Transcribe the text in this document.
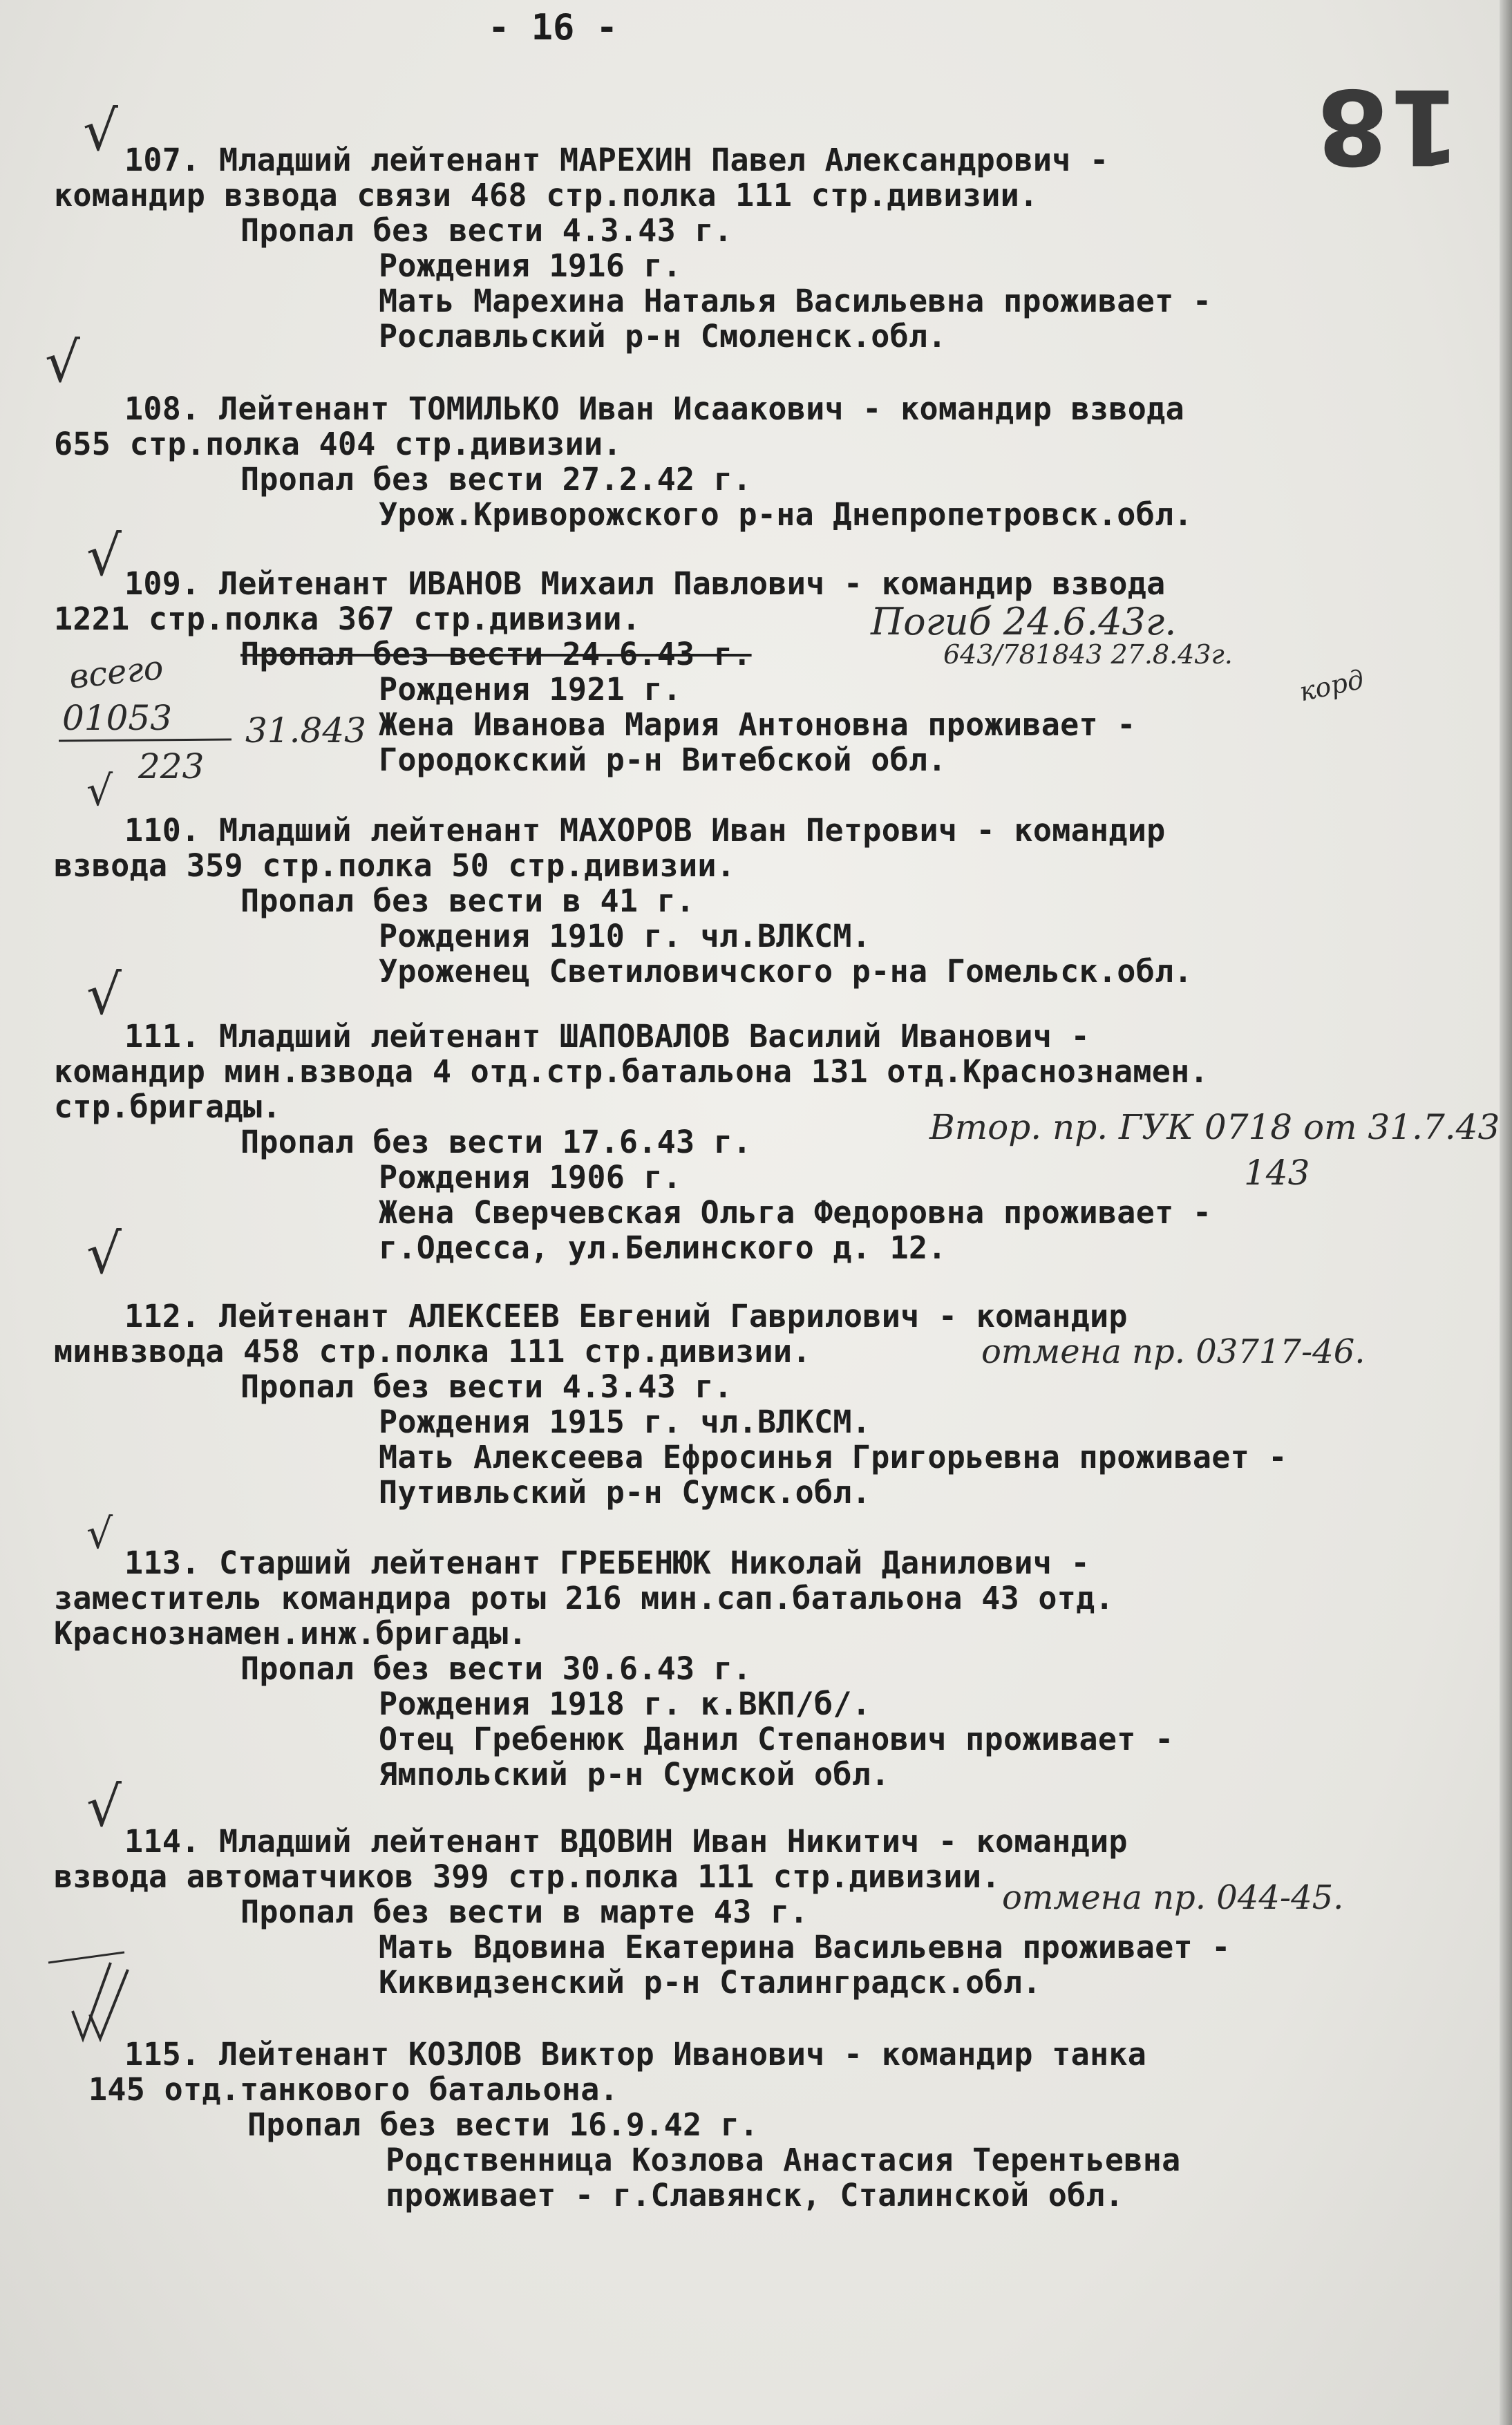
- 16 -
18
√ 107. Младший лейтенант МАРЕХИН Павел Александрович -
командир взвода связи 468 стр.полка 111 стр.дивизии.
Пропал без вести 4.3.43 г.
Рождения 1916 г.
Мать Марехина Наталья Васильевна проживает -
Рославльский р-н Смоленск.обл.
√
108. Лейтенант ТОМИЛЬКО Иван Исаакович - командир взвода
655 стр.полка 404 стр.дивизии.
Пропал без вести 27.2.42 г.
Урож.Криворожского р-на Днепропетровск.обл.
√ 109. Лейтенант ИВАНОВ Михаил Павлович - командир взвода
1221 стр.полка 367 стр.дивизии.
Пропал без вести 24.6.43 г.
Рождения 1921 г.
Жена Иванова Мария Антоновна проживает -
Городокский р-н Витебской обл.
Погиб 24.6.43г.
643/781843 27.8.43г.
корд
всего
01053 31.843
223
√
110. Младший лейтенант МАХОРОВ Иван Петрович - командир
взвода 359 стр.полка 50 стр.дивизии.
Пропал без вести в 41 г.
Рождения 1910 г. чл.ВЛКСМ.
Уроженец Светиловичского р-на Гомельск.обл.
√
111. Младший лейтенант ШАПОВАЛОВ Василий Иванович -
командир мин.взвода 4 отд.стр.батальона 131 отд.Краснознамен.
стр.бригады.
Пропал без вести 17.6.43 г.
Рождения 1906 г.
Жена Сверчевская Ольга Федоровна проживает -
г.Одесса, ул.Белинского д. 12.
Втор. пр. ГУК 0718 от 31.7.43
143
√
112. Лейтенант АЛЕКСЕЕВ Евгений Гаврилович - командир
минвзвода 458 стр.полка 111 стр.дивизии.
Пропал без вести 4.3.43 г.
Рождения 1915 г. чл.ВЛКСМ.
Мать Алексеева Ефросинья Григорьевна проживает -
Путивльский р-н Сумск.обл.
отмена пр. 03717-46.
√
113. Старший лейтенант ГРЕБЕНЮК Николай Данилович -
заместитель командира роты 216 мин.сап.батальона 43 отд.
Краснознамен.инж.бригады.
Пропал без вести 30.6.43 г.
Рождения 1918 г. к.ВКП/б/.
Отец Гребенюк Данил Степанович проживает -
Ямпольский р-н Сумской обл.
√
114. Младший лейтенант ВДОВИН Иван Никитич - командир
взвода автоматчиков 399 стр.полка 111 стр.дивизии.
Пропал без вести в марте 43 г.
Мать Вдовина Екатерина Васильевна проживает -
Киквидзенский р-н Сталинградск.обл.
отмена пр. 044-45.
115. Лейтенант КОЗЛОВ Виктор Иванович - командир танка
145 отд.танкового батальона.
Пропал без вести 16.9.42 г.
Родственница Козлова Анастасия Терентьевна
проживает - г.Славянск, Сталинской обл.
